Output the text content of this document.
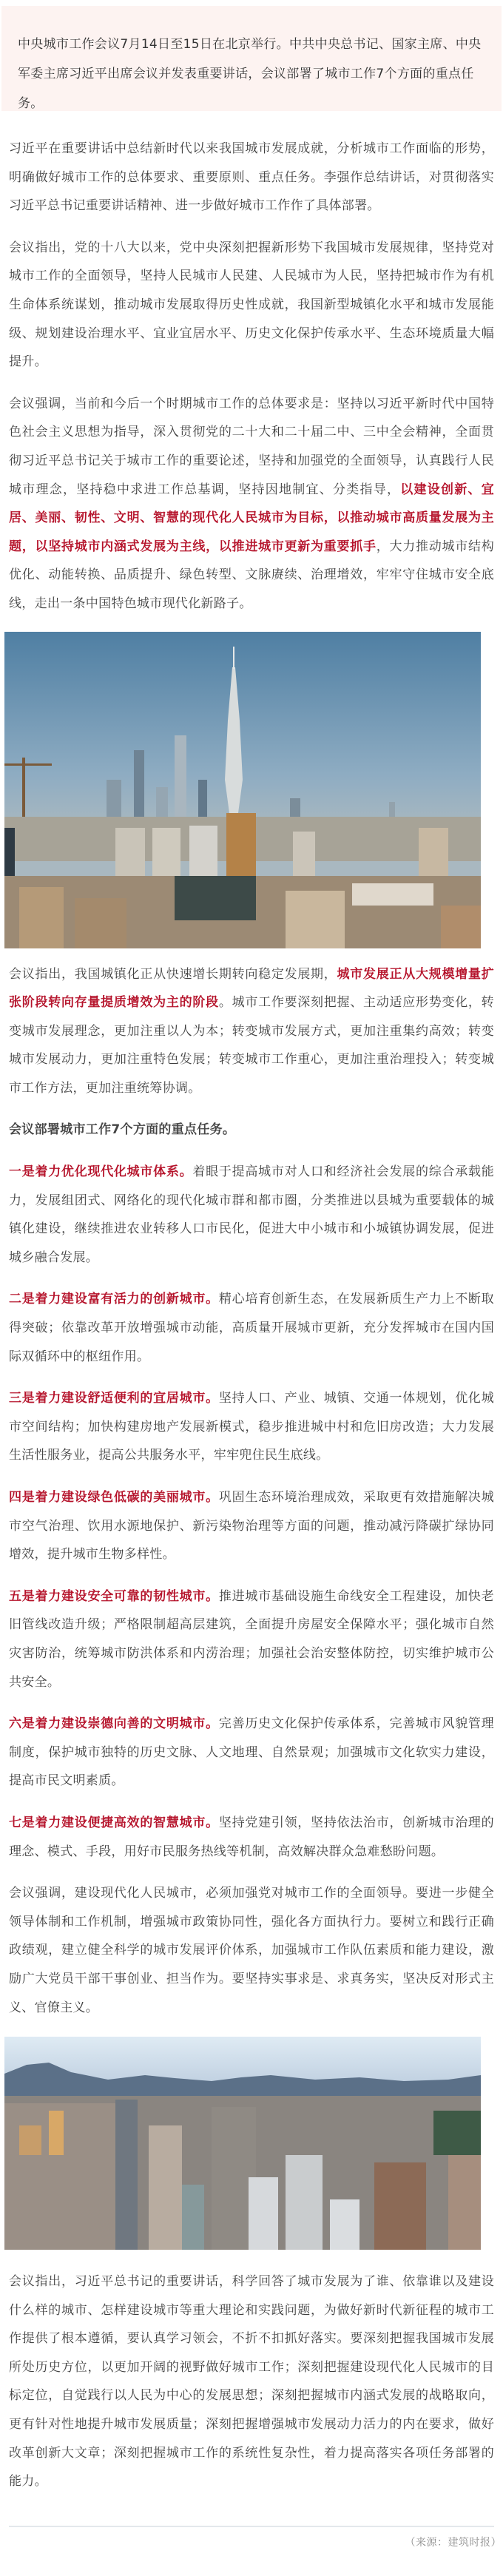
中央城市工作会议7月14日至15日在北京举行。中共中央总书记、国家主席、中央军委主席习近平出席会议并发表重要讲话，会议部署了城市工作7个方面的重点任务。

习近平在重要讲话中总结新时代以来我国城市发展成就，分析城市工作面临的形势，明确做好城市工作的总体要求、重要原则、重点任务。李强作总结讲话，对贯彻落实习近平总书记重要讲话精神、进一步做好城市工作作了具体部署。

会议指出，党的十八大以来，党中央深刻把握新形势下我国城市发展规律，坚持党对城市工作的全面领导，坚持人民城市人民建、人民城市为人民，坚持把城市作为有机生命体系统谋划，推动城市发展取得历史性成就，我国新型城镇化水平和城市发展能级、规划建设治理水平、宜业宜居水平、历史文化保护传承水平、生态环境质量大幅提升。

会议强调，当前和今后一个时期城市工作的总体要求是：坚持以习近平新时代中国特色社会主义思想为指导，深入贯彻党的二十大和二十届二中、三中全会精神，全面贯彻习近平总书记关于城市工作的重要论述，坚持和加强党的全面领导，认真践行人民城市理念，坚持稳中求进工作总基调，坚持因地制宜、分类指导，以建设创新、宜居、美丽、韧性、文明、智慧的现代化人民城市为目标，以推动城市高质量发展为主题，以坚持城市内涵式发展为主线，以推进城市更新为重要抓手，大力推动城市结构优化、动能转换、品质提升、绿色转型、文脉赓续、治理增效，牢牢守住城市安全底线，走出一条中国特色城市现代化新路子。

会议指出，我国城镇化正从快速增长期转向稳定发展期，城市发展正从大规模增量扩张阶段转向存量提质增效为主的阶段。城市工作要深刻把握、主动适应形势变化，转变城市发展理念，更加注重以人为本；转变城市发展方式，更加注重集约高效；转变城市发展动力，更加注重特色发展；转变城市工作重心，更加注重治理投入；转变城市工作方法，更加注重统筹协调。

会议部署城市工作7个方面的重点任务。

一是着力优化现代化城市体系。着眼于提高城市对人口和经济社会发展的综合承载能力，发展组团式、网络化的现代化城市群和都市圈，分类推进以县城为重要载体的城镇化建设，继续推进农业转移人口市民化，促进大中小城市和小城镇协调发展，促进城乡融合发展。

二是着力建设富有活力的创新城市。精心培育创新生态，在发展新质生产力上不断取得突破；依靠改革开放增强城市动能，高质量开展城市更新，充分发挥城市在国内国际双循环中的枢纽作用。

三是着力建设舒适便利的宜居城市。坚持人口、产业、城镇、交通一体规划，优化城市空间结构；加快构建房地产发展新模式，稳步推进城中村和危旧房改造；大力发展生活性服务业，提高公共服务水平，牢牢兜住民生底线。

四是着力建设绿色低碳的美丽城市。巩固生态环境治理成效，采取更有效措施解决城市空气治理、饮用水源地保护、新污染物治理等方面的问题，推动减污降碳扩绿协同增效，提升城市生物多样性。

五是着力建设安全可靠的韧性城市。推进城市基础设施生命线安全工程建设，加快老旧管线改造升级；严格限制超高层建筑，全面提升房屋安全保障水平；强化城市自然灾害防治，统筹城市防洪体系和内涝治理；加强社会治安整体防控，切实维护城市公共安全。

六是着力建设崇德向善的文明城市。完善历史文化保护传承体系，完善城市风貌管理制度，保护城市独特的历史文脉、人文地理、自然景观；加强城市文化软实力建设，提高市民文明素质。

七是着力建设便捷高效的智慧城市。坚持党建引领，坚持依法治市，创新城市治理的理念、模式、手段，用好市民服务热线等机制，高效解决群众急难愁盼问题。

会议强调，建设现代化人民城市，必须加强党对城市工作的全面领导。要进一步健全领导体制和工作机制，增强城市政策协同性，强化各方面执行力。要树立和践行正确政绩观，建立健全科学的城市发展评价体系，加强城市工作队伍素质和能力建设，激励广大党员干部干事创业、担当作为。要坚持实事求是、求真务实，坚决反对形式主义、官僚主义。

会议指出，习近平总书记的重要讲话，科学回答了城市发展为了谁、依靠谁以及建设什么样的城市、怎样建设城市等重大理论和实践问题，为做好新时代新征程的城市工作提供了根本遵循，要认真学习领会，不折不扣抓好落实。要深刻把握我国城市发展所处历史方位，以更加开阔的视野做好城市工作；深刻把握建设现代化人民城市的目标定位，自觉践行以人民为中心的发展思想；深刻把握城市内涵式发展的战略取向，更有针对性地提升城市发展质量；深刻把握增强城市发展动力活力的内在要求，做好改革创新大文章；深刻把握城市工作的系统性复杂性，着力提高落实各项任务部署的能力。

（来源：建筑时报）
